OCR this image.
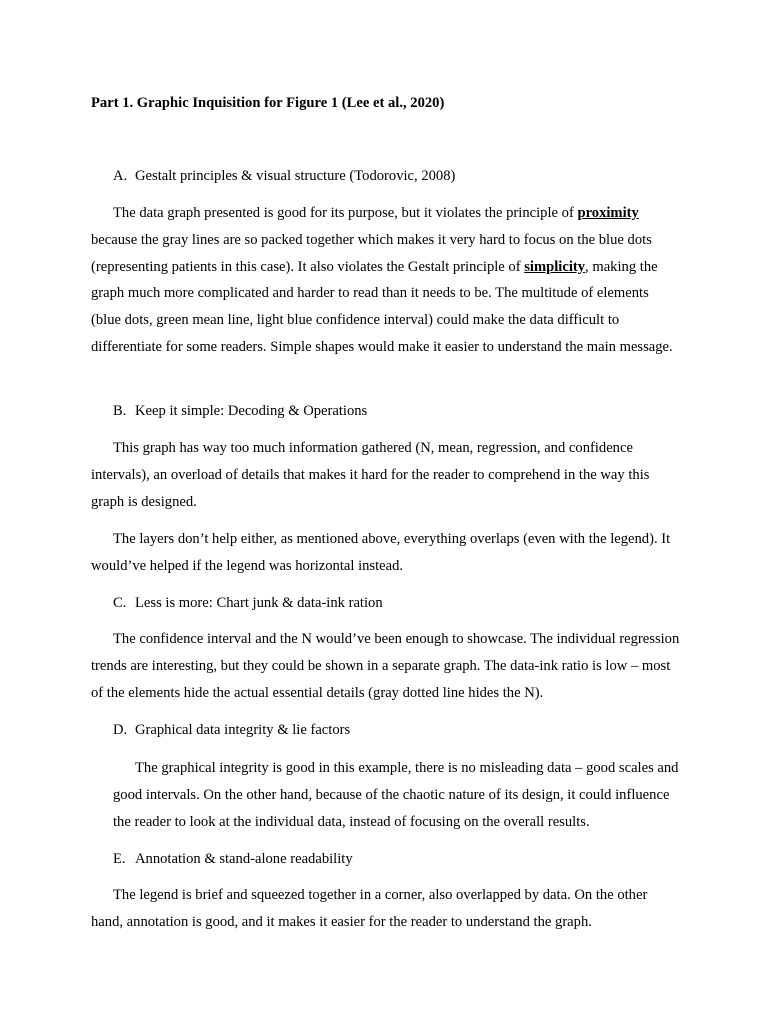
Part 1. Graphic Inquisition for Figure 1 (Lee et al., 2020)

A. Gestalt principles & visual structure (Todorovic, 2008)

The data graph presented is good for its purpose, but it violates the principle of proximity because the gray lines are so packed together which makes it very hard to focus on the blue dots (representing patients in this case). It also violates the Gestalt principle of simplicity, making the graph much more complicated and harder to read than it needs to be. The multitude of elements (blue dots, green mean line, light blue confidence interval) could make the data difficult to differentiate for some readers. Simple shapes would make it easier to understand the main message.

B. Keep it simple: Decoding & Operations

This graph has way too much information gathered (N, mean, regression, and confidence intervals), an overload of details that makes it hard for the reader to comprehend in the way this graph is designed.

The layers don’t help either, as mentioned above, everything overlaps (even with the legend). It would’ve helped if the legend was horizontal instead.

C. Less is more: Chart junk & data-ink ration

The confidence interval and the N would’ve been enough to showcase. The individual regression trends are interesting, but they could be shown in a separate graph. The data-ink ratio is low – most of the elements hide the actual essential details (gray dotted line hides the N).

D. Graphical data integrity & lie factors

The graphical integrity is good in this example, there is no misleading data – good scales and good intervals. On the other hand, because of the chaotic nature of its design, it could influence the reader to look at the individual data, instead of focusing on the overall results.

E. Annotation & stand-alone readability

The legend is brief and squeezed together in a corner, also overlapped by data. On the other hand, annotation is good, and it makes it easier for the reader to understand the graph.
